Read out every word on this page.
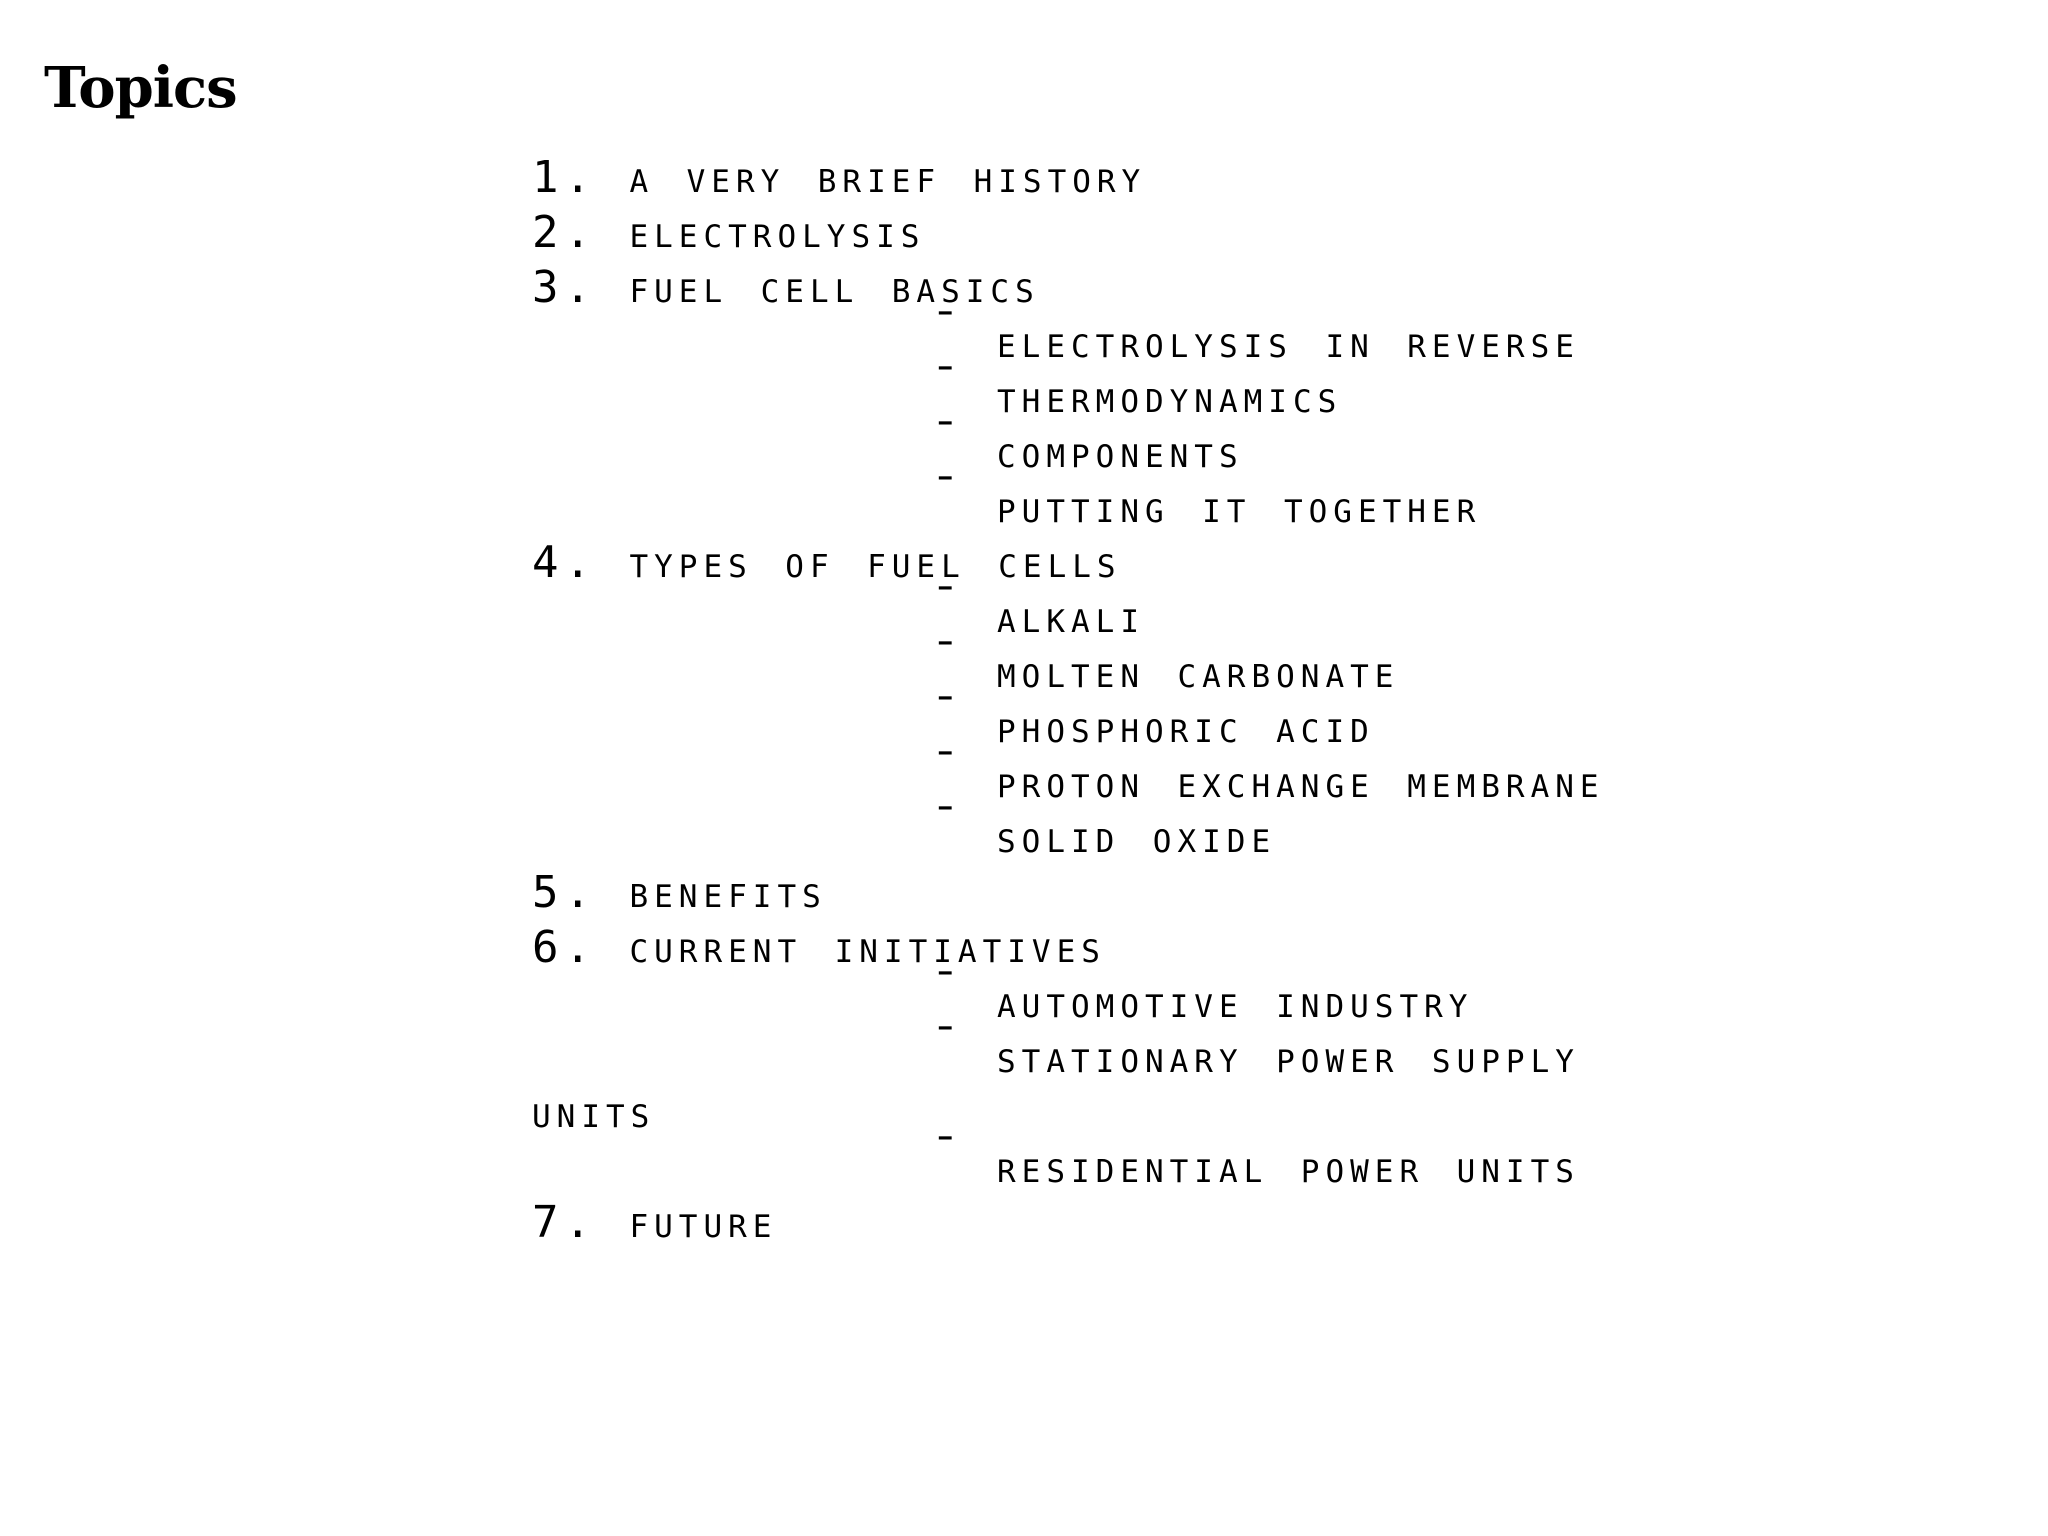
Topics
1. a very brief history
2. electrolysis
3. fuel cell basics
¯ electrolysis in reverse
¯ thermodynamics
¯ components
¯ putting it together
4. types of fuel cells
¯ alkali
¯ molten carbonate
¯ phosphoric acid
¯ proton exchange membrane
¯ solid oxide
5. benefits
6. current initiatives
¯ automotive industry
¯ stationary power supply units
¯ residential power units
7. future
